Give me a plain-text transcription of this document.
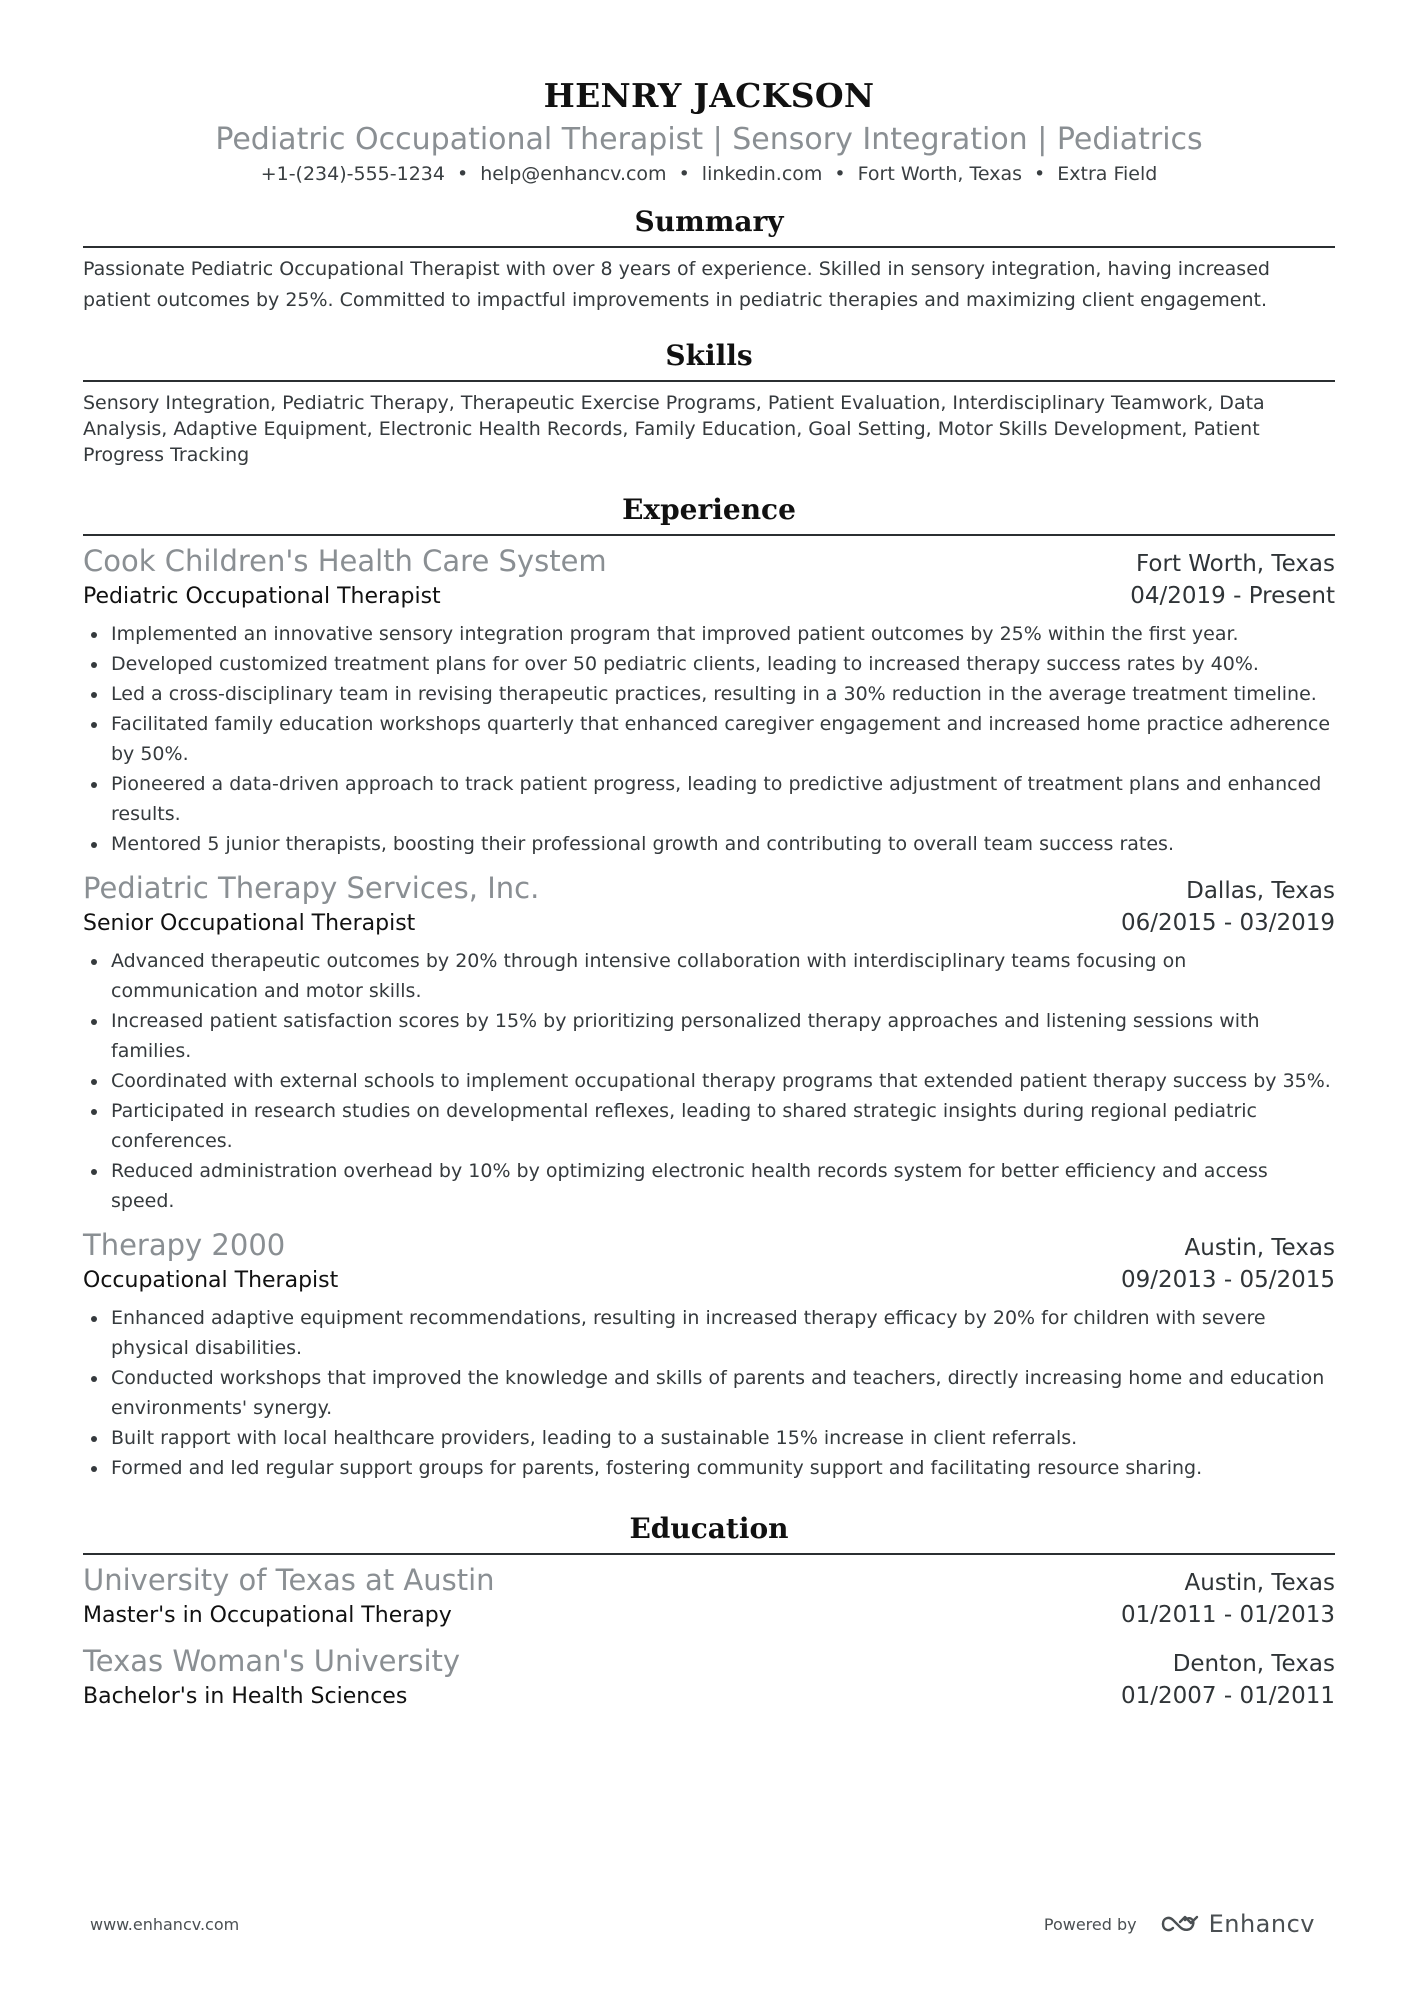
HENRY JACKSON
Pediatric Occupational Therapist | Sensory Integration | Pediatrics
+1-(234)-555-1234 • help@enhancv.com • linkedin.com • Fort Worth, Texas • Extra Field
Summary
Passionate Pediatric Occupational Therapist with over 8 years of experience. Skilled in sensory integration, having increased patient outcomes by 25%. Committed to impactful improvements in pediatric therapies and maximizing client engagement.
Skills
Sensory Integration, Pediatric Therapy, Therapeutic Exercise Programs, Patient Evaluation, Interdisciplinary Teamwork, Data Analysis, Adaptive Equipment, Electronic Health Records, Family Education, Goal Setting, Motor Skills Development, Patient Progress Tracking
Experience
Cook Children's Health Care System	Fort Worth, Texas
Pediatric Occupational Therapist	04/2019 - Present
Implemented an innovative sensory integration program that improved patient outcomes by 25% within the first year.
Developed customized treatment plans for over 50 pediatric clients, leading to increased therapy success rates by 40%.
Led a cross-disciplinary team in revising therapeutic practices, resulting in a 30% reduction in the average treatment timeline.
Facilitated family education workshops quarterly that enhanced caregiver engagement and increased home practice adherence by 50%.
Pioneered a data-driven approach to track patient progress, leading to predictive adjustment of treatment plans and enhanced results.
Mentored 5 junior therapists, boosting their professional growth and contributing to overall team success rates.
Pediatric Therapy Services, Inc.	Dallas, Texas
Senior Occupational Therapist	06/2015 - 03/2019
Advanced therapeutic outcomes by 20% through intensive collaboration with interdisciplinary teams focusing on communication and motor skills.
Increased patient satisfaction scores by 15% by prioritizing personalized therapy approaches and listening sessions with families.
Coordinated with external schools to implement occupational therapy programs that extended patient therapy success by 35%.
Participated in research studies on developmental reflexes, leading to shared strategic insights during regional pediatric conferences.
Reduced administration overhead by 10% by optimizing electronic health records system for better efficiency and access speed.
Therapy 2000	Austin, Texas
Occupational Therapist	09/2013 - 05/2015
Enhanced adaptive equipment recommendations, resulting in increased therapy efficacy by 20% for children with severe physical disabilities.
Conducted workshops that improved the knowledge and skills of parents and teachers, directly increasing home and education environments' synergy.
Built rapport with local healthcare providers, leading to a sustainable 15% increase in client referrals.
Formed and led regular support groups for parents, fostering community support and facilitating resource sharing.
Education
University of Texas at Austin	Austin, Texas
Master's in Occupational Therapy	01/2011 - 01/2013
Texas Woman's University	Denton, Texas
Bachelor's in Health Sciences	01/2007 - 01/2011
www.enhancv.com	Powered by	Enhancv
